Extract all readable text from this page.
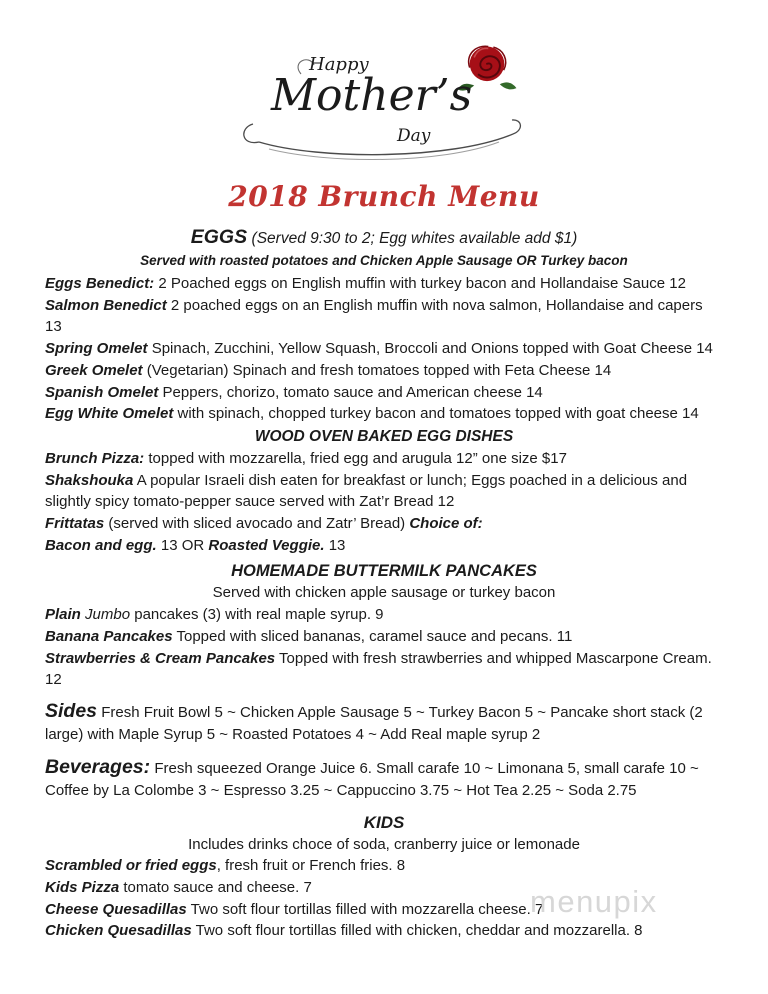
menupix
Happy
Mother’s
Day
2018 Brunch Menu
EGGS (Served 9:30 to 2; Egg whites available add $1)
Served with roasted potatoes and Chicken Apple Sausage OR Turkey bacon

Eggs Benedict: 2 Poached eggs on English muffin with turkey bacon and Hollandaise Sauce 12

Salmon Benedict 2 poached eggs on an English muffin with nova salmon, Hollandaise and capers 13

Spring Omelet Spinach, Zucchini, Yellow Squash, Broccoli and Onions topped with Goat Cheese 14

Greek Omelet (Vegetarian) Spinach and fresh tomatoes topped with Feta Cheese 14

Spanish Omelet Peppers, chorizo, tomato sauce and American cheese 14

Egg White Omelet with spinach, chopped turkey bacon and tomatoes topped with goat cheese 14

WOOD OVEN BAKED EGG DISHES

Brunch Pizza: topped with mozzarella, fried egg and arugula 12” one size $17

Shakshouka A popular Israeli dish eaten for breakfast or lunch; Eggs poached in a delicious and slightly spicy tomato-pepper sauce served with Zat’r Bread 12

Frittatas (served with sliced avocado and Zatr’ Bread) Choice of:

Bacon and egg. 13 OR Roasted Veggie. 13

HOMEMADE BUTTERMILK PANCAKES
Served with chicken apple sausage or turkey bacon

Plain Jumbo pancakes (3) with real maple syrup. 9

Banana Pancakes Topped with sliced bananas, caramel sauce and pecans. 11

Strawberries & Cream Pancakes Topped with fresh strawberries and whipped Mascarpone Cream. 12

Sides Fresh Fruit Bowl 5 ~ Chicken Apple Sausage 5 ~ Turkey Bacon 5 ~ Pancake short stack (2 large) with Maple Syrup 5 ~ Roasted Potatoes 4 ~ Add Real maple syrup 2

Beverages: Fresh squeezed Orange Juice 6. Small carafe 10 ~ Limonana 5, small carafe 10 ~ Coffee by La Colombe 3 ~ Espresso 3.25 ~ Cappuccino 3.75 ~ Hot Tea 2.25 ~ Soda 2.75

KIDS
Includes drinks choce of soda, cranberry juice or lemonade

Scrambled or fried eggs, fresh fruit or French fries. 8

Kids Pizza tomato sauce and cheese. 7

Cheese Quesadillas Two soft flour tortillas filled with mozzarella cheese. 7

Chicken Quesadillas Two soft flour tortillas filled with chicken, cheddar and mozzarella. 8
